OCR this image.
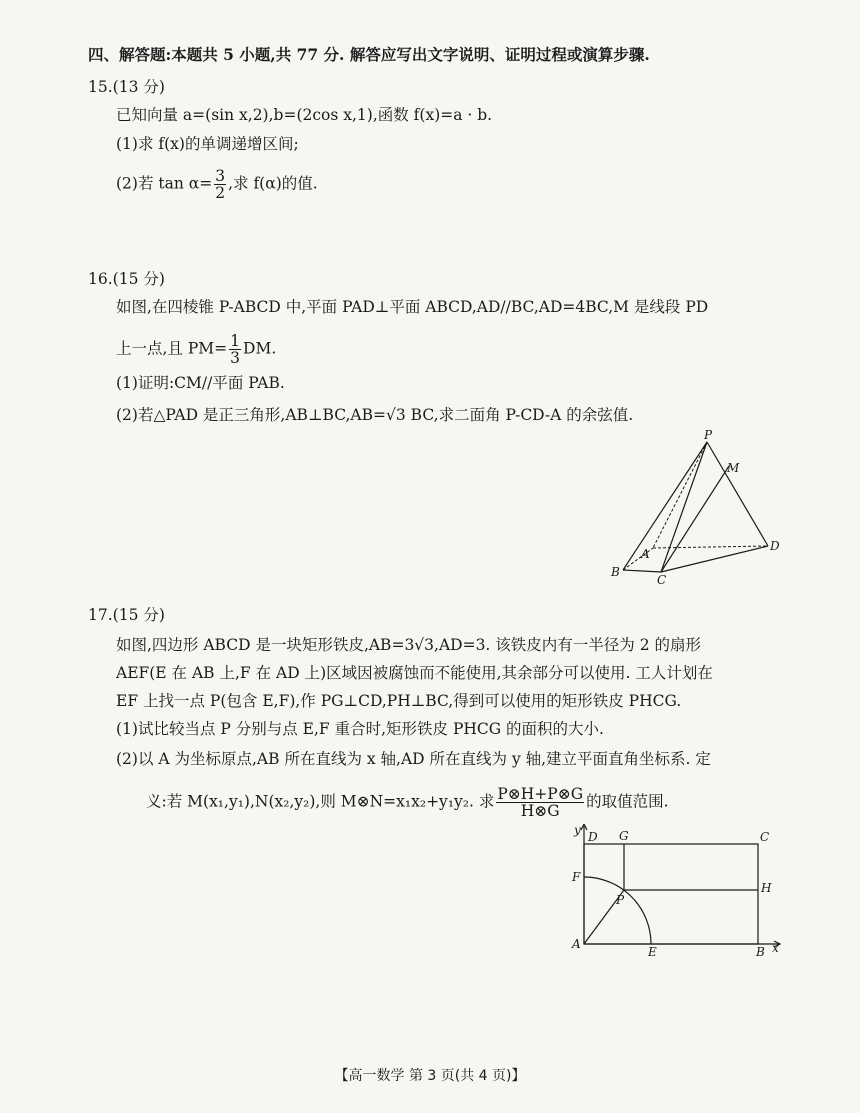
四、解答题:本题共 5 小题,共 77 分. 解答应写出文字说明、证明过程或演算步骤.
15.(13 分)
已知向量 a=(sin x,2),b=(2cos x,1),函数 f(x)=a · b.
(1)求 f(x)的单调递增区间;
(2)若 $\tan \alpha= \frac{3}{2}$ ,求 f(α)的值.
16.(15 分)
如图,在四棱锥 P-ABCD 中,平面 PAD⊥平面 ABCD,AD//BC,AD=4BC,M 是线段 PD
上一点,且 $PM= \frac{1}{3}$ DM.
(1)证明:CM//平面 PAB.
(2)若△PAD 是正三角形,AB⊥BC,AB=√3 BC,求二面角 P-CD-A 的余弦值.
P
M
A
D
B
C
17.(15 分)
如图,四边形 ABCD 是一块矩形铁皮,AB=3√3,AD=3. 该铁皮内有一半径为 2 的扇形
AEF(E 在 AB 上,F 在 AD 上)区域因被腐蚀而不能使用,其余部分可以使用. 工人计划在
EF 上找一点 P(包含 E,F),作 PG⊥CD,PH⊥BC,得到可以使用的矩形铁皮 PHCG.
(1)试比较当点 P 分别与点 E,F 重合时,矩形铁皮 PHCG 的面积的大小.
(2)以 A 为坐标原点,AB 所在直线为 x 轴,AD 所在直线为 y 轴,建立平面直角坐标系. 定
义:若 M(x₁,y₁),N(x₂,y₂),则 M⊗N=x₁x₂+y₁y₂. 求 $\frac{P\otimes H+P\otimes G}{H\otimes G}$ 的取值范围.
y D G	C
F
H
P
A
E	B x
【高一数学 第 3 页(共 4 页)】
